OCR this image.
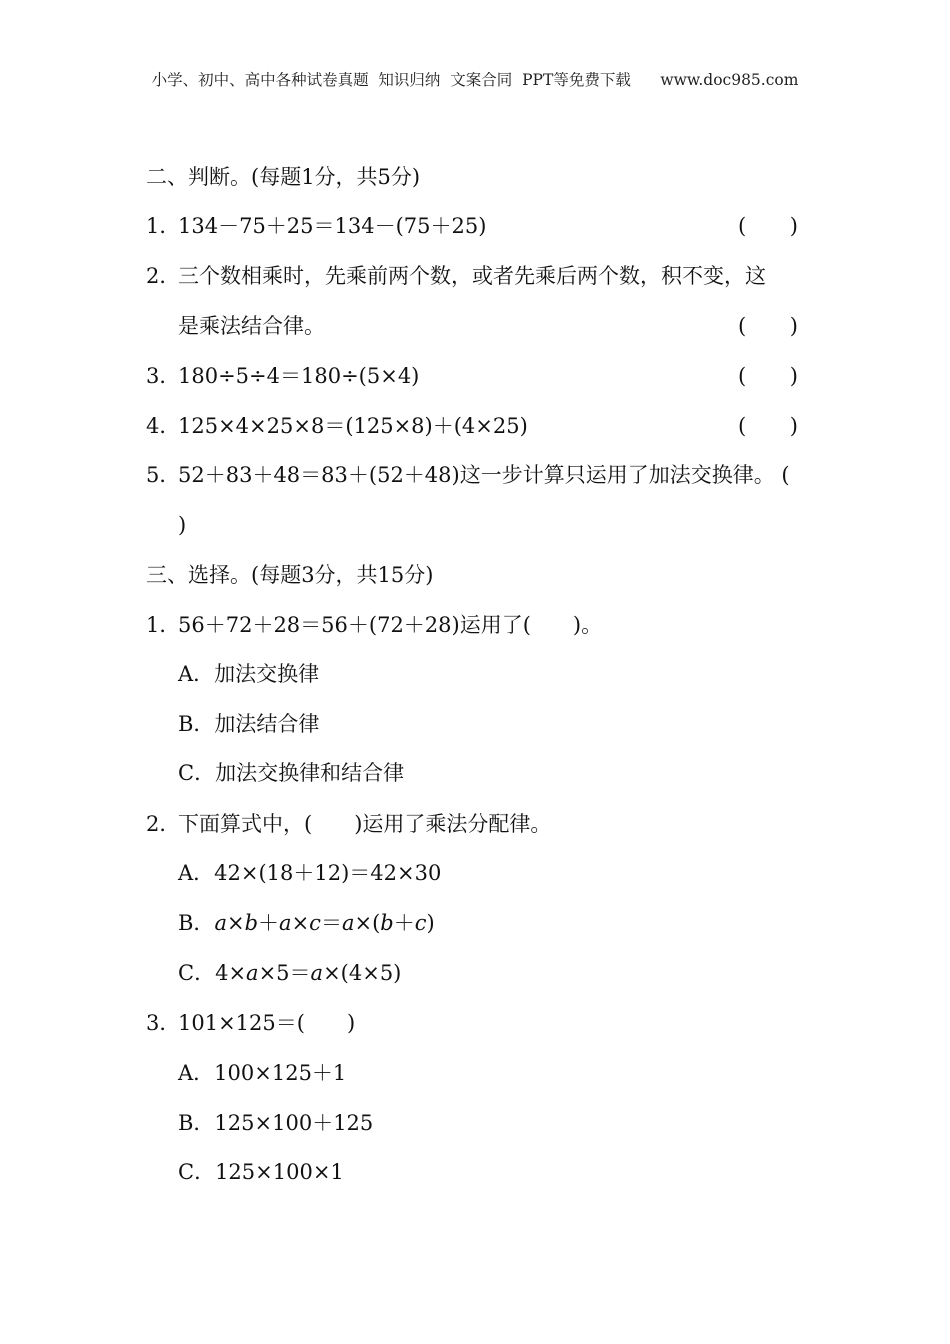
小学、初中、高中各种试卷真题  知识归纳  文案合同  PPT等免费下载      www.doc985.com
二、判断。(每题1分，共5分)
1．134－75＋25＝134－(75＋25)	( )
2．三个数相乘时，先乘前两个数，或者先乘后两个数，积不变，这
是乘法结合律。	( )
3．180÷5÷4＝180÷(5×4)	( )
4．125×4×25×8＝(125×8)＋(4×25)	( )
5．52＋83＋48＝83＋(52＋48)这一步计算只运用了加法交换律。 (
)
三、选择。(每题3分，共15分)
1．56＋72＋28＝56＋(72＋28)运用了(　　)。
A．加法交换律
B．加法结合律
C．加法交换律和结合律
2．下面算式中，(　　)运用了乘法分配律。
A．42×(18＋12)＝42×30
B．a×b＋a×c＝a×(b＋c)
C．4×a×5＝a×(4×5)
3．101×125＝(　　)
A．100×125＋1
B．125×100＋125
C．125×100×1
